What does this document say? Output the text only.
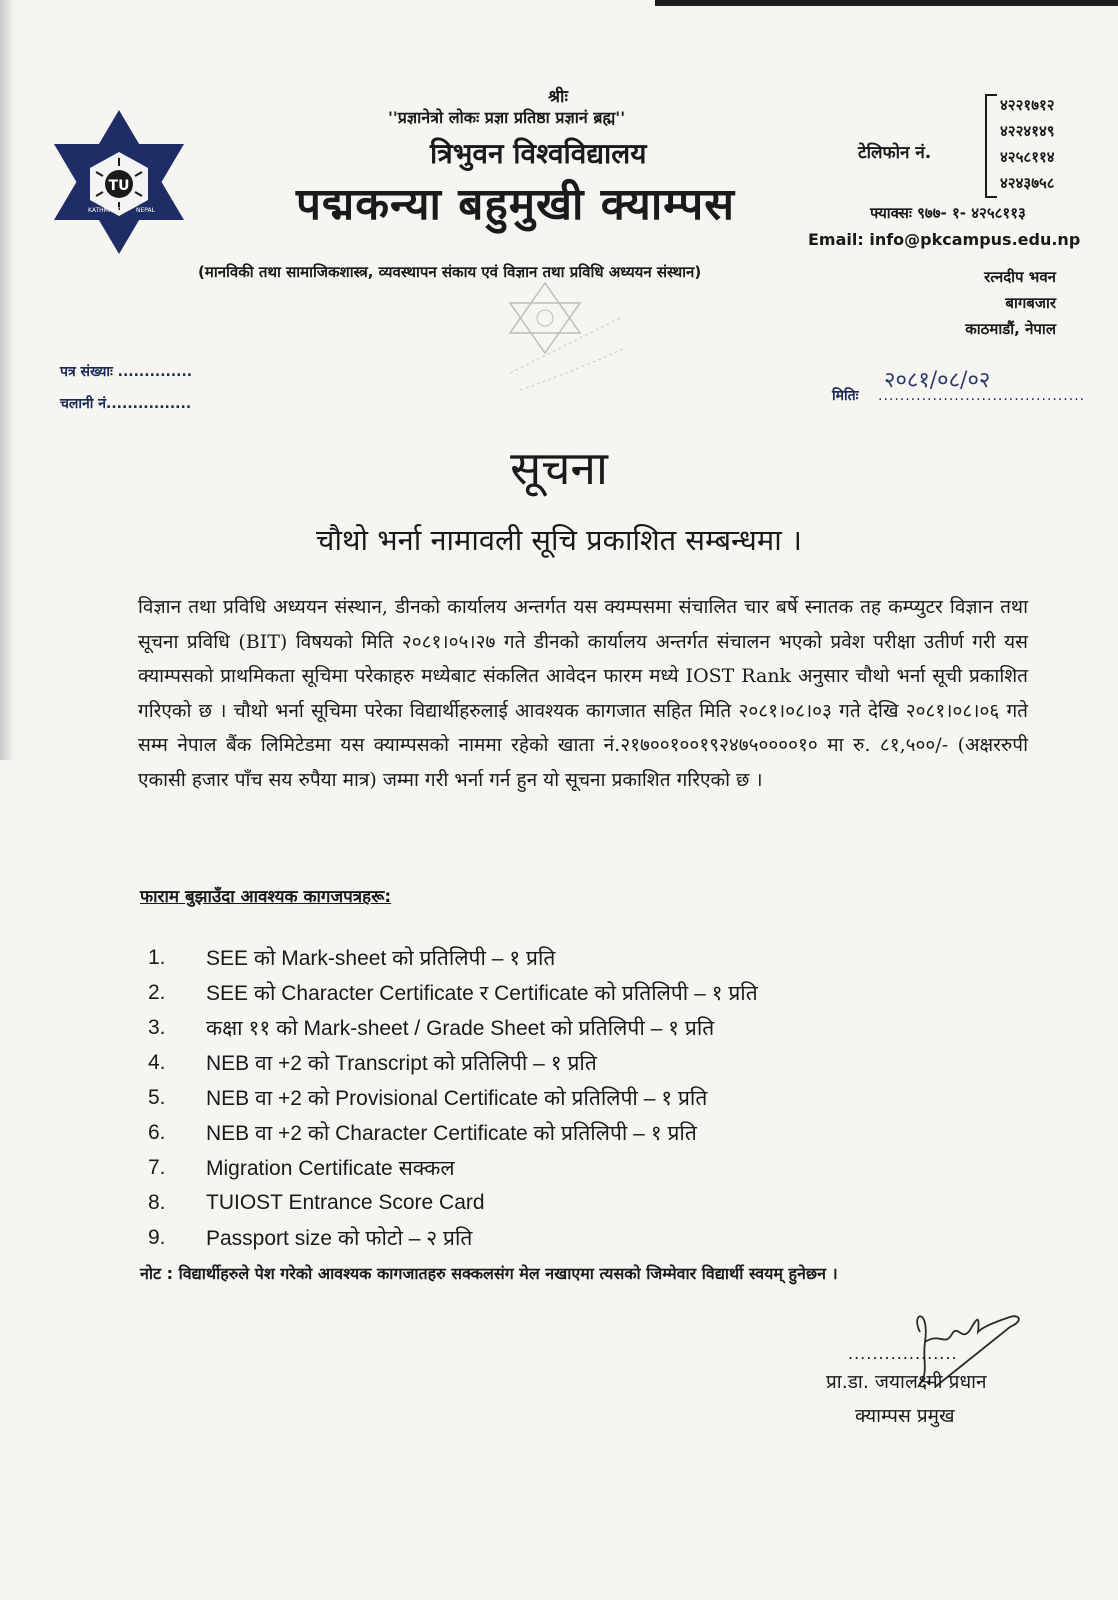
TU
KATHMANDU NEPAL
श्रीः
''प्रज्ञानेत्रो लोकः प्रज्ञा प्रतिष्ठा प्रज्ञानं ब्रह्म''
त्रिभुवन विश्वविद्यालय
पद्मकन्या बहुमुखी क्याम्पस
(मानविकी तथा सामाजिकशास्त्र, व्यवस्थापन संकाय एवं विज्ञान तथा प्रविधि अध्ययन संस्थान)
टेलिफोन नं.
४२२१७१२
४२२४१४९
४२५८११४
४२४३७५८
फ्याक्सः ९७७- १- ४२५८११३
Email: info@pkcampus.edu.np
रत्नदीप भवन
बागबजार
काठमाडौं, नेपाल
पत्र संख्याः ..............
चलानी नं................
२०८१/०८/०२
मितिः ......................................
सूचना
चौथो भर्ना नामावली सूचि प्रकाशित सम्बन्धमा ।
विज्ञान तथा प्रविधि अध्ययन संस्थान, डीनको कार्यालय अन्तर्गत यस क्यम्पसमा संचालित चार बर्षे स्नातक तह कम्प्युटर विज्ञान तथा सूचना प्रविधि (BIT) विषयको मिति २०८१।०५।२७ गते डीनको कार्यालय अन्तर्गत संचालन भएको प्रवेश परीक्षा उतीर्ण गरी यस क्याम्पसको प्राथमिकता सूचिमा परेकाहरु मध्येबाट संकलित आवेदन फारम मध्ये IOST Rank अनुसार चौथो भर्ना सूची प्रकाशित गरिएको छ । चौथो भर्ना सूचिमा परेका विद्यार्थीहरुलाई आवश्यक कागजात सहित मिति २०८१।०८।०३ गते देखि २०८१।०८।०६ गते सम्म नेपाल बैंक लिमिटेडमा यस क्याम्पसको नाममा रहेको खाता नं.२१७००१००१९२४७५००००१० मा रु. ८१,५००/- (अक्षररुपी एकासी हजार पाँच सय रुपैया मात्र) जम्मा गरी भर्ना गर्न हुन यो सूचना प्रकाशित गरिएको छ ।
फाराम बुझाउँदा आवश्यक कागजपत्रहरू:
1.	SEE को Mark-sheet को प्रतिलिपी – १ प्रति
2.	SEE को Character Certificate र Certificate को प्रतिलिपी – १ प्रति
3.	कक्षा ११ को Mark-sheet / Grade Sheet को प्रतिलिपी – १ प्रति
4.	NEB वा +2 को Transcript को प्रतिलिपी – १ प्रति
5.	NEB वा +2 को Provisional Certificate को प्रतिलिपी – १ प्रति
6.	NEB वा +2 को Character Certificate को प्रतिलिपी – १ प्रति
7.	Migration Certificate सक्कल
8.	TUIOST Entrance Score Card
9.	Passport size को फोटो – २ प्रति
नोट : विद्यार्थीहरुले पेश गरेको आवश्यक कागजातहरु सक्कलसंग मेल नखाएमा त्यसको जिम्मेवार विद्यार्थी स्वयम् हुनेछन ।
..................
प्रा.डा. जयालक्ष्मी प्रधान
क्याम्पस प्रमुख
